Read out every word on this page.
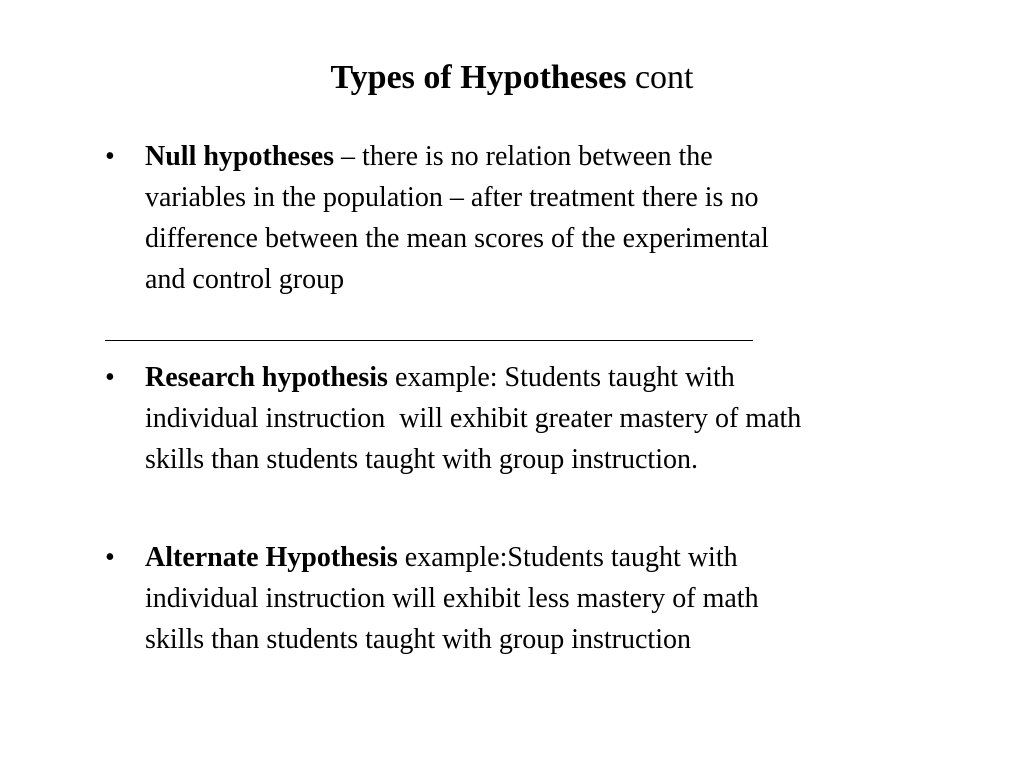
Types of Hypotheses cont
•	Null hypotheses – there is no relation between the
variables in the population – after treatment there is no
difference between the mean scores of the experimental
and control group
•	Research hypothesis example: Students taught with
individual instruction  will exhibit greater mastery of math
skills than students taught with group instruction.
•	Alternate Hypothesis example:Students taught with
individual instruction will exhibit less mastery of math
skills than students taught with group instruction
